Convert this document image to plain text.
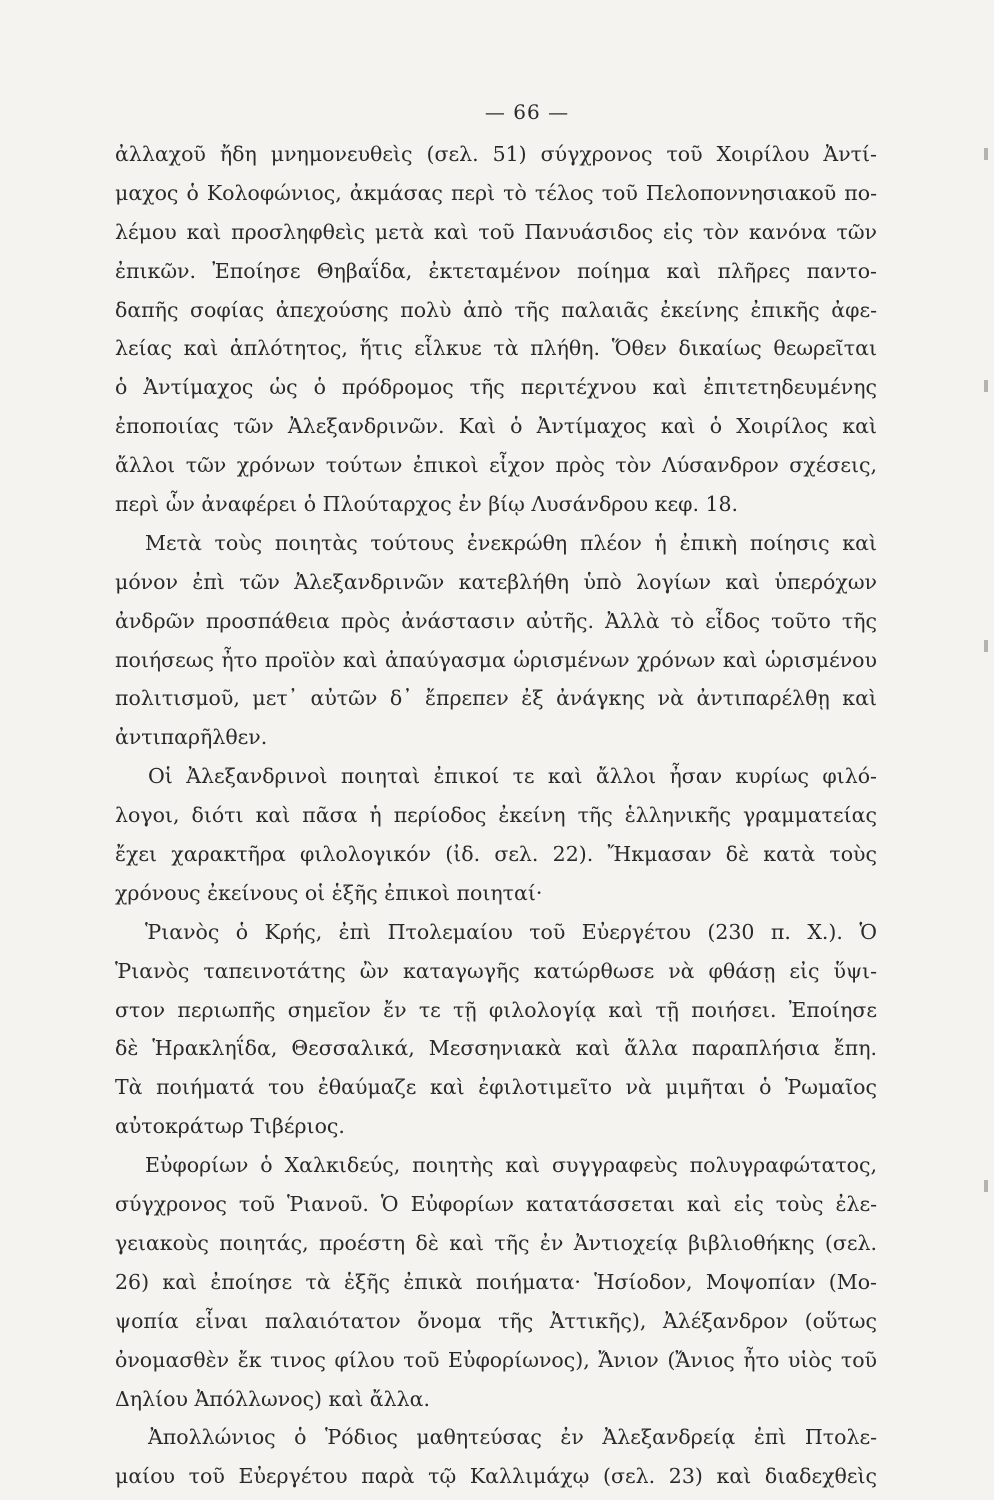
— 66 —
ἀλλαχοῦ ἤδη μνημονευθεὶς (σελ. 51) σύγχρονος τοῦ Χοιρίλου Ἀντί-
μαχος ὁ Κολοφώνιος, ἀκμάσας περὶ τὸ τέλος τοῦ Πελοποννησιακοῦ πο-
λέμου καὶ προσληφθεὶς μετὰ καὶ τοῦ Πανυάσιδος εἰς τὸν κανόνα τῶν
ἐπικῶν. Ἐποίησε Θηβαΐδα, ἐκτεταμένον ποίημα καὶ πλῆρες παντο-
δαπῆς σοφίας ἀπεχούσης πολὺ ἀπὸ τῆς παλαιᾶς ἐκείνης ἐπικῆς ἀφε-
λείας καὶ ἁπλότητος, ἥτις εἷλκυε τὰ πλήθη. Ὅθεν δικαίως θεωρεῖται
ὁ Ἀντίμαχος ὡς ὁ πρόδρομος τῆς περιτέχνου καὶ ἐπιτετηδευμένης
ἐποποιίας τῶν Ἀλεξανδρινῶν. Καὶ ὁ Ἀντίμαχος καὶ ὁ Χοιρίλος καὶ
ἄλλοι τῶν χρόνων τούτων ἐπικοὶ εἶχον πρὸς τὸν Λύσανδρον σχέσεις,
περὶ ὧν ἀναφέρει ὁ Πλούταρχος ἐν βίῳ Λυσάνδρου κεφ. 18.
Μετὰ τοὺς ποιητὰς τούτους ἐνεκρώθη πλέον ἡ ἐπικὴ ποίησις καὶ
μόνον ἐπὶ τῶν Ἀλεξανδρινῶν κατεβλήθη ὑπὸ λογίων καὶ ὑπερόχων
ἀνδρῶν προσπάθεια πρὸς ἀνάστασιν αὐτῆς. Ἀλλὰ τὸ εἶδος τοῦτο τῆς
ποιήσεως ἦτο προϊὸν καὶ ἀπαύγασμα ὡρισμένων χρόνων καὶ ὡρισμένου
πολιτισμοῦ, μετ᾽ αὐτῶν δ᾽ ἔπρεπεν ἐξ ἀνάγκης νὰ ἀντιπαρέλθῃ καὶ
ἀντιπαρῆλθεν.
Οἱ Ἀλεξανδρινοὶ ποιηταὶ ἐπικοί τε καὶ ἄλλοι ἦσαν κυρίως φιλό-
λογοι, διότι καὶ πᾶσα ἡ περίοδος ἐκείνη τῆς ἑλληνικῆς γραμματείας
ἔχει χαρακτῆρα φιλολογικόν (ἰδ. σελ. 22). Ἤκμασαν δὲ κατὰ τοὺς
χρόνους ἐκείνους οἱ ἑξῆς ἐπικοὶ ποιηταί·
Ῥιανὸς ὁ Κρής, ἐπὶ Πτολεμαίου τοῦ Εὐεργέτου (230 π. Χ.). Ὁ
Ῥιανὸς ταπεινοτάτης ὢν καταγωγῆς κατώρθωσε νὰ φθάσῃ εἰς ὕψι-
στον περιωπῆς σημεῖον ἔν τε τῇ φιλολογίᾳ καὶ τῇ ποιήσει. Ἐποίησε
δὲ Ἡρακληΐδα, Θεσσαλικά, Μεσσηνιακὰ καὶ ἄλλα παραπλήσια ἔπη.
Τὰ ποιήματά του ἐθαύμαζε καὶ ἐφιλοτιμεῖτο νὰ μιμῆται ὁ Ῥωμαῖος
αὐτοκράτωρ Τιβέριος.
Εὐφορίων ὁ Χαλκιδεύς, ποιητὴς καὶ συγγραφεὺς πολυγραφώτατος,
σύγχρονος τοῦ Ῥιανοῦ. Ὁ Εὐφορίων κατατάσσεται καὶ εἰς τοὺς ἐλε-
γειακοὺς ποιητάς, προέστη δὲ καὶ τῆς ἐν Ἀντιοχείᾳ βιβλιοθήκης (σελ.
26) καὶ ἐποίησε τὰ ἑξῆς ἐπικὰ ποιήματα· Ἡσίοδον, Μοψοπίαν (Μο-
ψοπία εἶναι παλαιότατον ὄνομα τῆς Ἀττικῆς), Ἀλέξανδρον (οὕτως
ὀνομασθὲν ἔκ τινος φίλου τοῦ Εὐφορίωνος), Ἄνιον (Ἄνιος ἦτο υἱὸς τοῦ
Δηλίου Ἀπόλλωνος) καὶ ἄλλα.
Ἀπολλώνιος ὁ Ῥόδιος μαθητεύσας ἐν Ἀλεξανδρείᾳ ἐπὶ Πτολε-
μαίου τοῦ Εὐεργέτου παρὰ τῷ Καλλιμάχῳ (σελ. 23) καὶ διαδεχθεὶς
